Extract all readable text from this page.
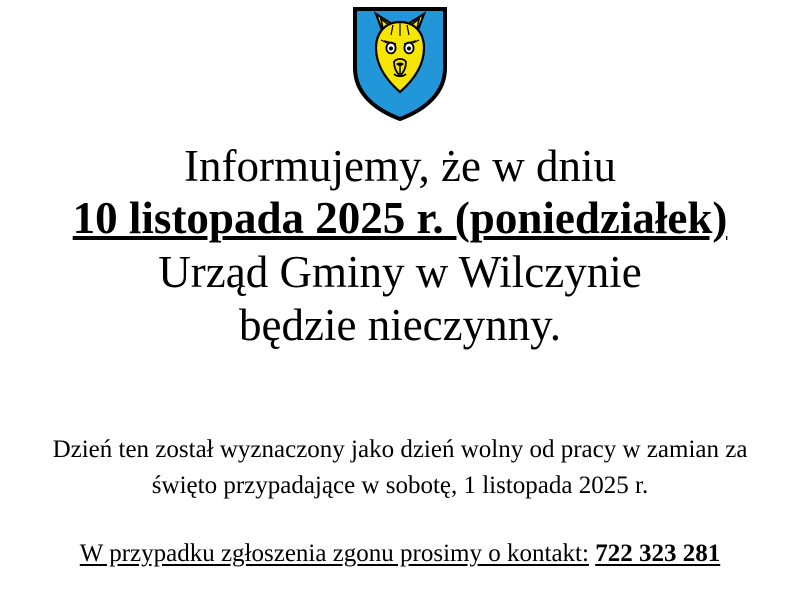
Informujemy, że w dniu
10 listopada 2025 r. (poniedziałek)
Urząd Gminy w Wilczynie
będzie nieczynny.
Dzień ten został wyznaczony jako dzień wolny od pracy w zamian za
święto przypadające w sobotę, 1 listopada 2025 r.
W przypadku zgłoszenia zgonu prosimy o kontakt: 722 323 281
